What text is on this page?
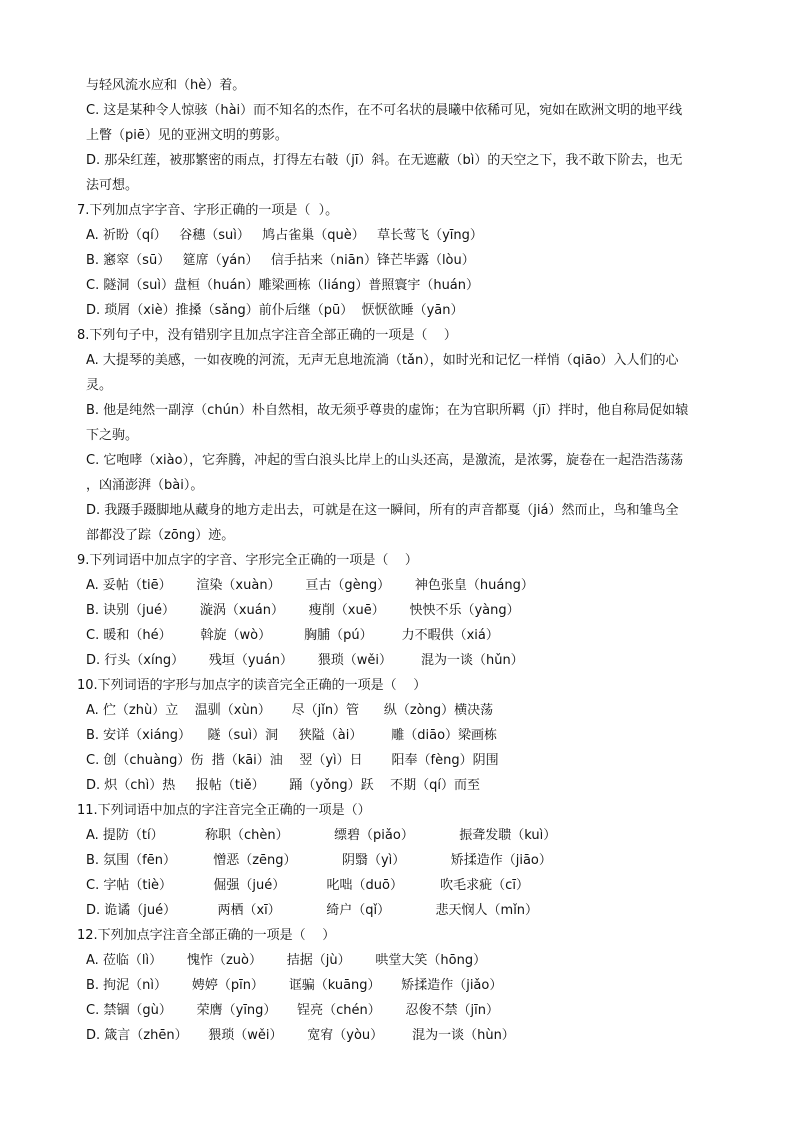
与轻风流水应和（hè）着。
C. 这是某种令人惊骇（hài）而不知名的杰作，在不可名状的晨曦中依稀可见，宛如在欧洲文明的地平线
上瞥（piē）见的亚洲文明的剪影。
D. 那朵红莲，被那繁密的雨点，打得左右攲（jī）斜。在无遮蔽（bì）的天空之下，我不敢下阶去，也无
法可想。
7.下列加点字字音、字形正确的一项是（  ）。
A. 祈盼（qí）   谷穗（suì）   鸠占雀巢（què）   草长莺飞（yīng）
B. 窸窣（sū）   筵席（yán）   信手拈来（niān）锋芒毕露（lòu）
C. 隧洞（suì）盘桓（huán）雕梁画栋（liáng）普照寰宇（huán）
D. 琐屑（xiè）推搡（sǎng）前仆后继（pū）  恹恹欲睡（yān）
8.下列句子中，没有错别字且加点字注音全部正确的一项是（    ）
A. 大提琴的美感，一如夜晚的河流，无声无息地流淌（tǎn），如时光和记忆一样悄（qiāo）入人们的心
灵。
B. 他是纯然一副淳（chún）朴自然相，故无须乎尊贵的虚饰；在为官职所羁（jī）拌时，他自称局促如辕
下之驹。
C. 它咆哮（xiào），它奔腾，冲起的雪白浪头比岸上的山头还高，是激流，是浓雾，旋卷在一起浩浩荡荡
，凶涌澎湃（bài）。
D. 我蹑手蹑脚地从藏身的地方走出去，可就是在这一瞬间，所有的声音都戛（jiá）然而止，鸟和雏鸟全
部都没了踪（zōng）迹。
9.下列词语中加点字的字音、字形完全正确的一项是（    ）
A. 妥帖（tiē）      渲染（xuàn）      亘古（gèng）      神色张皇（huáng）
B. 诀别（jué）      漩涡（xuán）      瘦削（xuē）      怏怏不乐（yàng）
C. 暖和（hé）       斡旋（wò）        胸脯（pú）       力不暇供（xiá）
D. 行头（xíng）      残垣（yuán）      猥琐（wěi）       混为一谈（hǔn）
10.下列词语的字形与加点字的读音完全正确的一项是（    ）
A. 伫（zhù）立    温驯（xùn）     尽（jǐn）管      纵（zòng）横决荡
B. 安详（xiáng）    隧（suì）洞     狭隘（ài）       雕（diāo）梁画栋
C. 创（chuàng）伤  揩（kāi）油    翌（yì）日       阳奉（fèng）阴围
D. 炽（chì）热     报帖（tiě）      踊（yǒng）跃    不期（qí）而至
11.下列词语中加点的字注音完全正确的一项是（）
A. 提防（tí）          称职（chèn）           缥碧（piǎo）           振聋发聩（kuì）
B. 氛围（fēn）         憎恶（zēng）           阴翳（yì）           矫揉造作（jiāo）
C. 字帖（tiè）          倔强（jué）          叱咄（duō）         吹毛求疵（cī）
D. 诡谲（jué）          两栖（xī）           绮户（qǐ）           悲天悯人（mǐn）
12.下列加点字注音全部正确的一项是（    ）
A. 莅临（lì）      愧怍（zuò）      拮据（jù）      哄堂大笑（hōng）
B. 拘泥（nì）      娉婷（pīn）      诓骗（kuāng）     矫揉造作（jiǎo）
C. 禁锢（gù）      荣膺（yīng）     锃亮（chén）      忍俊不禁（jīn）
D. 箴言（zhēn）     猥琐（wěi）      宽宥（yòu）       混为一谈（hùn）
